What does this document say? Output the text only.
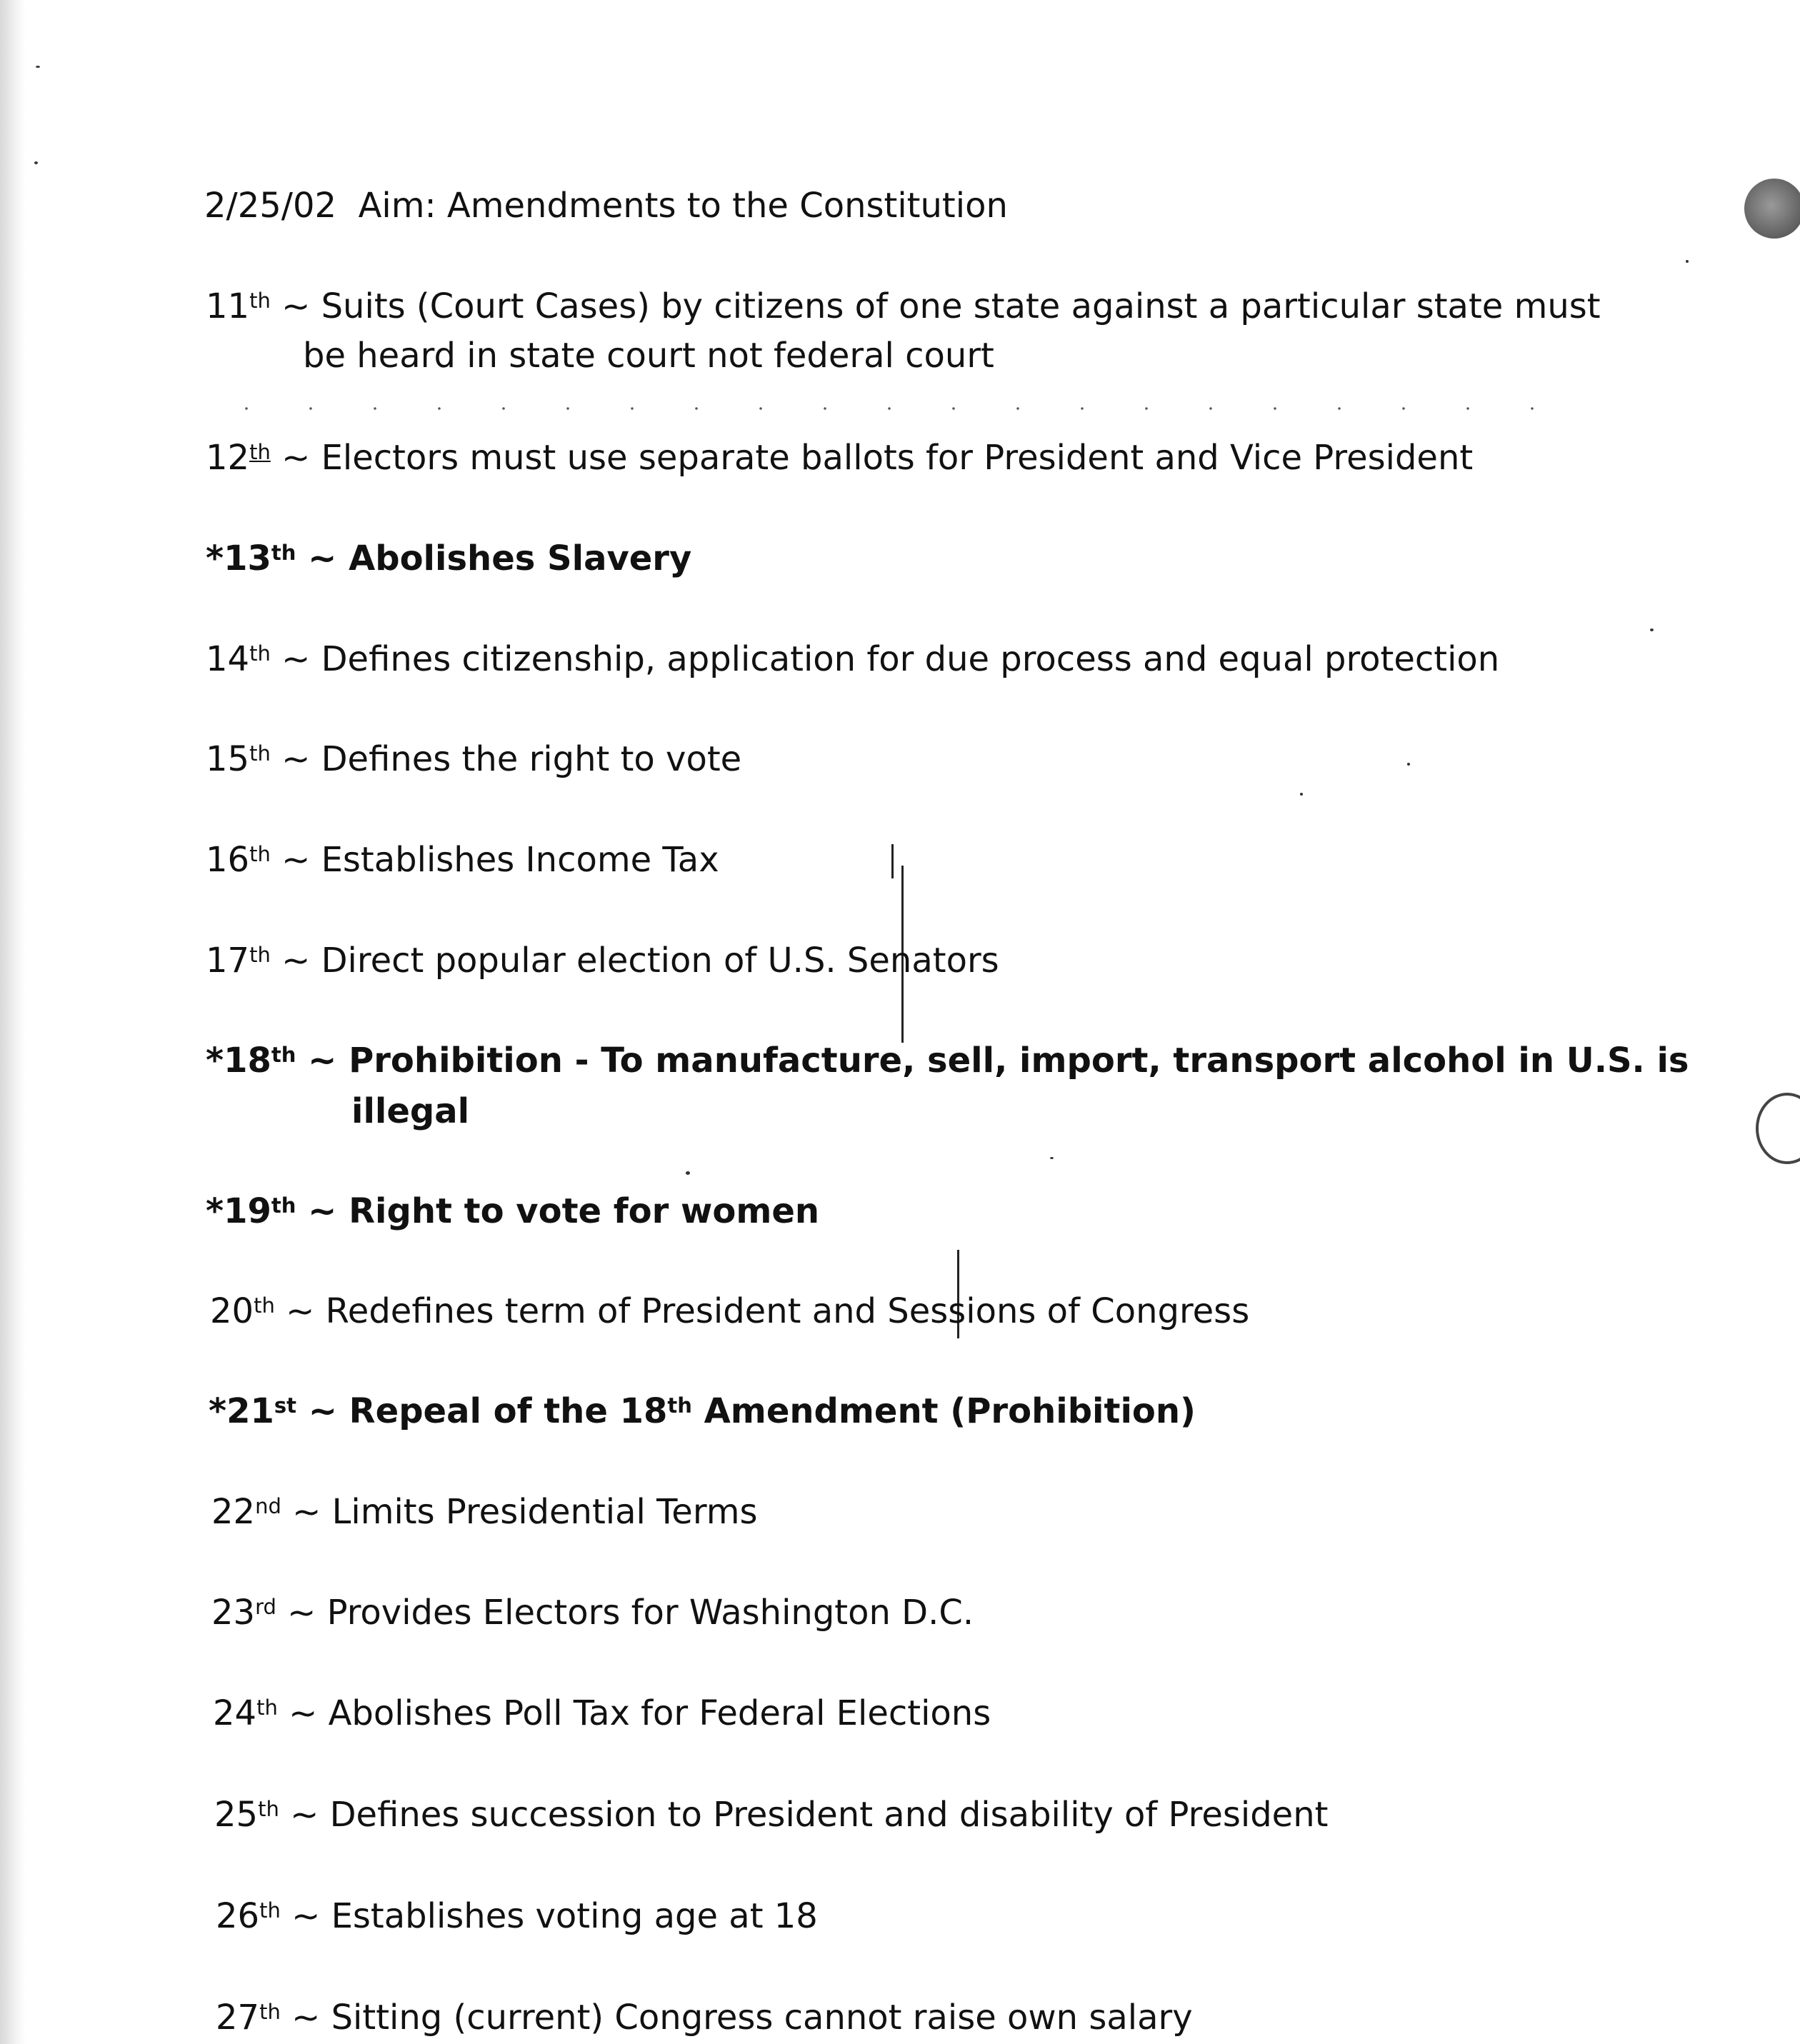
2/25/02 Aim: Amendments to the Constitution
11th ~ Suits (Court Cases) by citizens of one state against a particular state must
be heard in state court not federal court
12th ~ Electors must use separate ballots for President and Vice President
*13th ~ Abolishes Slavery
14th ~ Defines citizenship, application for due process and equal protection
15th ~ Defines the right to vote
16th ~ Establishes Income Tax
17th ~ Direct popular election of U.S. Senators
*18th ~ Prohibition - To manufacture, sell, import, transport alcohol in U.S. is
illegal
*19th ~ Right to vote for women
20th ~ Redefines term of President and Sessions of Congress
*21st ~ Repeal of the 18th Amendment (Prohibition)
22nd ~ Limits Presidential Terms
23rd ~ Provides Electors for Washington D.C.
24th ~ Abolishes Poll Tax for Federal Elections
25th ~ Defines succession to President and disability of President
26th ~ Establishes voting age at 18
27th ~ Sitting (current) Congress cannot raise own salary
